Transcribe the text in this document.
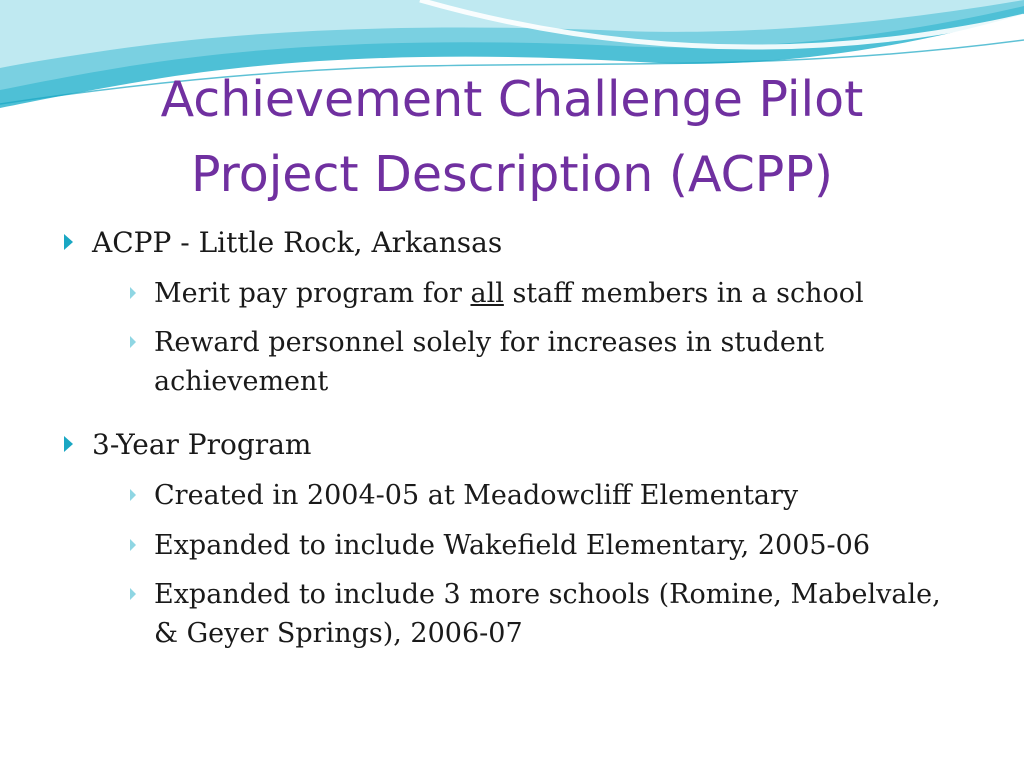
Achievement Challenge Pilot
Project Description (ACPP)
ACPP - Little Rock, Arkansas
Merit pay program for all staff members in a school
Reward personnel solely for increases in student achievement
3-Year Program
Created in 2004-05 at Meadowcliff Elementary
Expanded to include Wakefield Elementary, 2005-06
Expanded to include 3 more schools (Romine, Mabelvale, & Geyer Springs), 2006-07
